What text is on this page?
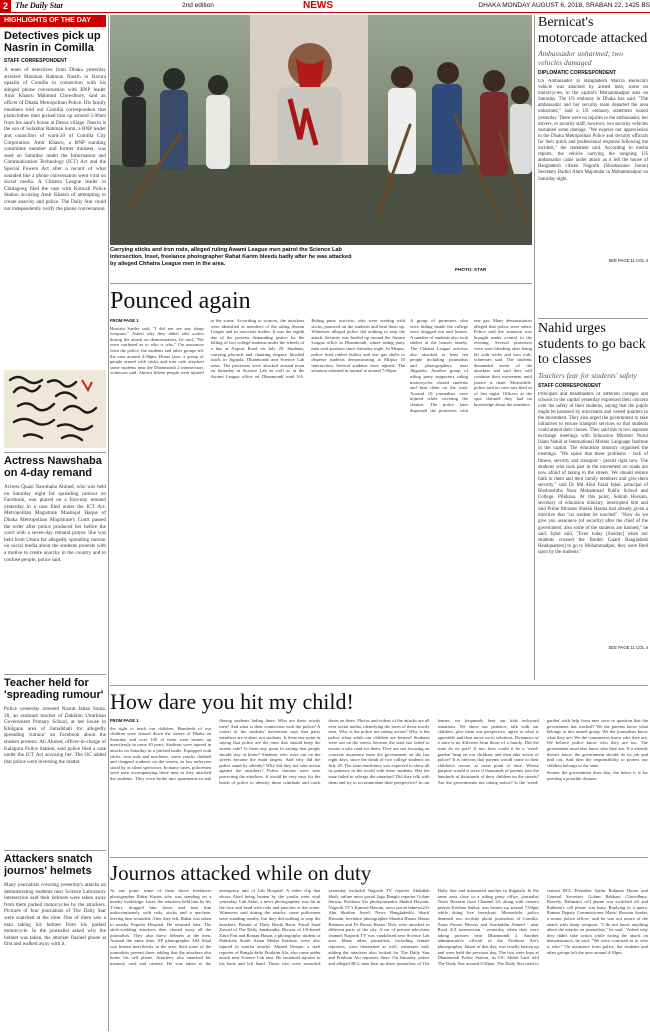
2 The Daily Star	2nd edition	NEWS	DHAKA MONDAY AUGUST 6, 2018, SRABAN 22, 1425 BS
HIGHLIGHTS OF THE DAY
Detectives pick up Nasrin in Comilla
STAFF CORRESPONDENT
A team of detectives from Dhaka yesterday arrested Mauman Rahman Nasrin in Barura upazila of Comilla in connection with his alleged phone conversation with BNP leader Amir Khasru Mahmud Chowdhury, said an officer of Dhaka Metropolitan Police. His family members told our Comilla correspondent that plainclothes men picked him up around 5:00am from his aunt's house at Deora village. Nasrin is the son of Sulakhar Rahman Sumi, a BNP leader and councillor of ward-20 of Comilla City Corporation. Amir Khasru, a BNP standing committee member and former minister, was sued on Saturday under the Information and Communication Technology (ICT) Act and the Special Powers Act after a record of what sounded like a phone conversation went viral on social media. A Chhatra League leader in Chittagong filed the case with Kotwali Police Station accusing Amir Khasru of attempting to create anarchy and police. The Daily Star could not independently verify the phone conversation.
Actress Nawshaba on 4-day remand
Actress Quazi Nawshaba Ahmed, who was held on Saturday night for spreading rumour on Facebook, was placed on a four-day remand yesterday in a case filed under the ICT Act. Metropolitan Magistrate Mashiqul Haque of Dhaka Metropolitan Magistrate's Court passed the order after police produced her before the court with a seven-day remand prayer. She was held from Uttara for allegedly spreading rumour on social media about the students protests with a motive to create anarchy in the country and to confuse people, police said.
Teacher held for 'spreading rumour'
Police yesterday arrested Nusrat Jahan Sonia, 28, an assistant teacher of Dakkhin Uttarkhan Government Primary School, at her house in Khilgaon area of Jamalkhali for allegedly spreading 'rumour' on Facebook about the student protests. Ali Ahmed, officer-in-charge of Kalaguru Police Station, said police filed a case under the ICT Act accusing her. The OC added that police were investing the matter.
Attackers snatch journos' helmets
Many journalists covering yesterday's attacks on demonstrating students near Science Laboratory intersection said their helmets were taken away from them parked motorcycles by the attackers. Pictures of four journalists of The Daily Star were snatched at the time. One of them saw a man taking his helmet from his parked motorcycle. In the journalist asked why the helmet was taken, the attacker flashed phone at first and walked away with it.
Carrying sticks and iron rods, alleged ruling Awami League men patrol the Science Lab intersection. Inset, freelance photographer Rahat Karim bleeds badly after he was attacked by alleged Chhatra League men in the area.
PHOTO: STAR
Pounced again
FROM PAGE 1
Hossain Sarder said, "I did not see any sharp weapons." Asked why they didn't take action during the attack on demonstrators, he said, "We were confused as to who is who." On assurance from the police, the students and other groups left the area around 4:30pm. Hours later, a group of people armed with sticks and iron rods attacked some students near the Dhanmondi 2 intersection, witnesses said. Almost fifteen people were injured at the scene. According to sources, the attackers were identified as members of the ruling Awami League and its associate bodies. It was the eighth day of the protests demanding justice for the killing of two college students under the wheels of a bus at Airport Road on July 29. Students, carrying placards and chanting slogans, blocked roads in Jigatala, Dhanmondi and Science Lab areas. The protesters were attacked around noon on Saturday at Science Lab as well as at the Awami League office on Dhanmondi road 3/A. Ruling party activists, who were waiting with sticks, pounced on the students and beat them up. Witnesses alleged police did nothing to stop the attack. Security was beefed up around the Awami League office in Dhanmondi, where ruling party men took position since Saturday night. In Mirpur, police fired rubber bullets and tear gas shells to disperse students demonstrating at Mirpur 10 intersection. Several students were injured. The situation returned to normal at around 7:00pm.
A group of protesters who were hiding inside the college were dragged out and beaten. A number of students also took shelter at the houses nearby. The Chhatra League activists also attacked at least ten people including journalists and photographers near Jhigatola. Another group of ruling party supporters riding motorcycles chased students and beat them on the road. Around 10 journalists were injured while covering the clashes. The police later dispersed the protesters with tear gas. Many demonstrators alleged that police were silent. Police said the situation was brought under control in the evening. Several protesters were seen bleeding after being hit with sticks and iron rods, witnesses said. The students demanded arrest of the attackers and said they will continue their movement until justice is done. Meanwhile, police said no case was filed as of last night. Officers at the spot claimed they had no knowledge about the attackers.
Bernicat's motorcade attacked
Ambassador unharmed; two vehicles damaged
DIPLOMATIC CORRESPONDENT
US Ambassador to Bangladesh Marcia Bernicat's vehicle was attacked by armed men, some on motorcycles, in the capital's Mohammadpur area on Saturday. The US embassy in Dhaka has said. "The ambassador and her security team departed the area unharmed," said a US embassy statement issued yesterday. There were no injuries to the ambassador, her drivers, or security staff, however, two security vehicles sustained some damage. "We express our appreciation to the Dhaka Metropolitan Police and security officials for their quick and professional response following the incident," the statement said. According to media reports, the vehicle carrying the outgoing US ambassador came under attack as it left the house of Bangladesh citizen Nagorik (Shushasoner Jonno) Secretary Badiul Alam Majumdar in Mohammadpur on Saturday night.
SEE PAGE 11 COL 4
Nahid urges students to go back to classes
Teachers fear for students' safety
STAFF CORRESPONDENT
Principals and headmasters of different colleges and schools in the capital yesterday expressed their concern over the safety of their students, saying that the pupils might be harassed by miscreants and vested quarters in the movement. They also urged the government to take initiatives to ensure transport services so that students could attend their classes. They said this in two separate exchange meetings with Education Minister Nurul Islam Nahid at International Mother Language Institute in the capital. The education ministry organised the meetings. "We opine that these problems - lack of fitness, security and transport - persist right now. The students who took part in the movement on roads are now afraid of taking to the streets. We should restore faith in them and their family members and give them security," said Dr Md Abul Fazal Iqbal, principal of Birshreshtha Noor Mohammad Public School and College, Pilkhana. At this point, Sohrab Hossain, secretary of education ministry, interrupted him and said Prime Minister Sheikh Hasina had already given a directive that "no student be touched". "How do we give you assurance (of security) after the chief of the government, also some of the students are harmed," he said. Iqbal said, "Even today [Sunday] when our students crossed the Border Guard Bangladesh Headquarters] to go to Mohammadpur, they were fired upon by the students."
SEE PAGE 11 COL 4
How dare you hit my child!
FROM PAGE 1
the right to teach our children. Hundreds of our children were chased down the streets of Dhaka on Saturday and over 100 of them were beaten up mercilessly in some 30 years. Students were injured in attacks on Saturday in a pitched battle. Equipped with sticks, iron rods and machetes, some youths clubbed and chopped students on the streets, as law enforcers stood by as silent spectators. In many cases, policemen were seen accompanying these men as they attacked the students. They even broke into apartments to nab fleeing students hiding there. Who are these rowdy men? And what is their connection with the police? A cohort of the students' movement says that party members are violent, not students. Is there any point in saying that police are the ones that should keep the streets safe? Is there any point in saying that people should stay at home? Students who were out on the streets became the main targets. And why did the police stand by silently? Why did they not take action against the attackers? Police stations were seen protecting the attackers. It would be very easy for the heads of police to identify those criminals and crack down on them. Photos and videos of the attacks are all over social media, identifying the faces of those rowdy men. Why is the police not taking action? Why is the police silent while our children are beaten? Students were out on the streets because the state has failed to ensure a safe road for them. They are not focusing on concrete assurance from the government on the last eight days, since the death of two college students on July 29. The state machinery was expected to show all its patience in the world with these students. Has the state failed to salvage the situation? Did they talk with them and try to accommodate their perspective? In our homes, we frequently hear our kids awkward situations. We show our patience, talk with our children, give them our perspective, agree to what is agreeable and then move on to solutions. Dynamics of a state is no different from those of a family. Did the state do its part? If not, how could it be a 'weed-garden' heap on our children, and then take action of police? It is obvious that parents would come to their children's rescue, at some point of time. Whose purpose would it serve if thousands of parents join the hundreds of thousands of their children on the streets? Are the governments not taking notice? Is the 'weed-garden' with help from new crew to question that the government has worked? We the parents know what belongs to this united group. We the journalists know what they are. We the commoners know who they are. We believe police know who they are too. The government must also know who they are. If it already doesn't know, the government should do its job and find out. And then the responsibility to protect our children belongs to the state.
Sooner the government does that, the better it is for averting a possible disaster.
Journos attacked while on duty
At one point, some of them drove freelancer photographer Rahat Karim who was standing on a nearby footbridge. Later, the attackers held him by his T-shirt, dragged him down and beat him indiscriminately with rods, sticks and a machete, leaving him wounded. After they left, Rahat was taken to nearby Popular Hospital. He returned later. The stick-wielding attackers then chased away all the journalists. They also threw helmets at the men. Around the same time, AP photographer AM Ahad was beaten mercilessly in the area. Said some of the journalists present there, adding that the attackers also broke his cell phone. Attackers also snatched his memory card and camera. He was taken to the emergency unit of Lab Hospital. A video clip that shows Ahad being beaten by the youths went viral yesterday. Lab Aidat, a news photographer, was hit in the face and head with rods and punches at the scene. Witnesses said during the attacks, some policemen were standing nearby, but they did nothing to stop the attackers. Pabash of Daily Bonik Barta, Faisal Saad Zawad of The Daily Janakantha, Biswaz of US-based Zatra Prat and Ranjan Hasan, a photography student of Pathshala South Asian Media Institute, were also injured in similar attacks. Ahmed Deepto, a staff reporter of Bangla daily Prothom Alo, also came under attack near Science Lab area. He sustained injuries to his back and left hand. Those who were assaulted yesterday included Nagorik TV reporter Abdullah Shafi, online news portal Jago Bangla reporter Golam Sarwar, Prothom Alo photojournalist Shahid Hossain, Nagorik TV's Kamrul Hassan, news portal bdnews24's Abu Shufian Jewel, News Bangladesh's Sharif Hossain, freelance photographer Shaokit Hasan, Hasan Rahman and Dr Rawat Hasan. They were attacked in different parts of the city. A car of private television channel Nagorik TV was vandalised near Science Lab area. Many other journalists, including female reporters, were threatened as well, witnesses said, adding the attackers also looked for The Daily Star and Prothom Alo reporters there. On Saturday, police and alleged BCL men beat up three journalists of The Daily Star and mistreated another in Jhigatala. In the same area close to a ruling party office, journalist Tasfir Hossain from Channel 24, along with camera person Krishna Saikat, was beaten up around 7:00pm while doing live broadcast. Meanwhile, police detained two on-duty photo journalists of Comilla. Ziaus Prosen Biswas and Asaduddin Ahmed - near Road 4/A intersection - yesterday when they were taking pictures near Dhanmondi 2. Another administrative official of the Prothom Alo's photographer, Jubair of that day, was cruelly beaten up and were held the previous day. The two were kept at Dhanmondi Police Station, its OC Abdul Latif told The Daily Star around 8:30pm. The Daily Star tried to contact BCL President Saifur Rahman Hosen and General Secretary Golam Rabbani Chowdhury. Bravely, Rahman's cell phone was switched off and Rabbani's cell phone was busy. Replying to a query, Ramna Deputy Commissioner Maruf Hossain Sardar, a senior police officer, said he was not aware of the attack with sharp weapons. "I do not know anything about the attacks on journalists," he said. "Asked why they didn't take action while facing the attack on demonstrators, he said, "We were confused as to who is who." On assurance from police, the students and other groups left the area around 4:30pm.
